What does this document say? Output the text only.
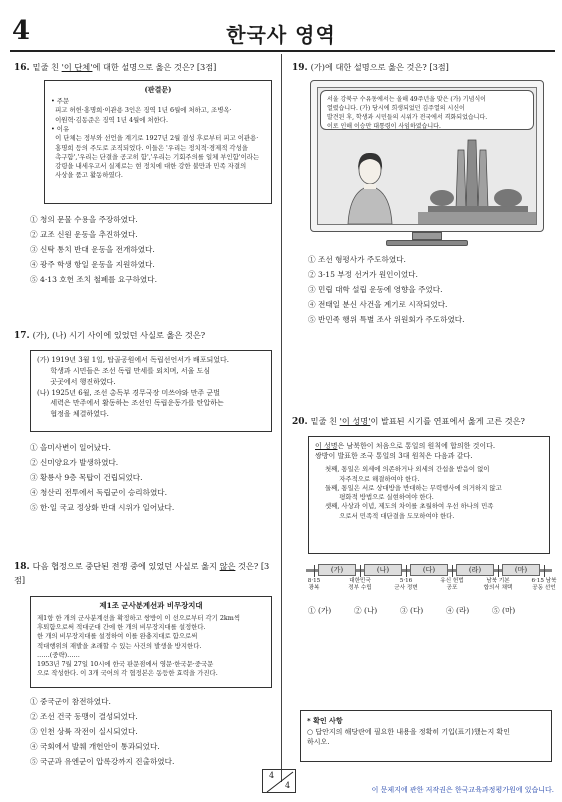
4	한국사 영역
16. 밑줄 친 '이 단체'에 대한 설명으로 옳은 것은? [3점]
(판결문)
• 주문
피고 허헌·홍명희·이관용 3인은 징역 1년 6월에 처하고, 조병옥·
이원혁·김동준은 징역 1년 4월에 처한다.
• 이유
이 단체는 정부와 선언을 계기로 1927년 2월 결성 후로부터 피고 이관용·
홍명희 등의 주도로 조직되었다. 이들은 '우리는 정치적·경제적 각성을
촉구함','우리는 단결을 공고히 함','우리는 기회주의를 일체 부인함'이라는
강령을 내세우고서 실제로는 현 정치에 대한 강한 불만과 민족 자결의
사상을 품고 활동하였다.
① 청의 문물 수용을 주장하였다.
② 교조 신원 운동을 추진하였다.
③ 신탁 통치 반대 운동을 전개하였다.
④ 광주 학생 항일 운동을 지원하였다.
⑤ 4·13 호헌 조치 철폐를 요구하였다.
17. (가), (나) 시기 사이에 있었던 사실로 옳은 것은?
(가) 1919년 3월 1일, 탑골공원에서 독립선언서가 배포되었다.
학생과 시민들은 조선 독립 만세를 외치며, 서울 도심
곳곳에서 행진하였다.
(나) 1925년 6월, 조선 총독부 경무국장 미쓰야와 만주 군벌
세력은 만주에서 활동하는 조선인 독립운동가를 탄압하는
협정을 체결하였다.
① 을미사변이 일어났다.
② 신미양요가 발생하였다.
③ 황룡사 9층 목탑이 건립되었다.
④ 청산리 전투에서 독립군이 승리하였다.
⑤ 한·일 국교 정상화 반대 시위가 일어났다.
18. 다음 협정으로 중단된 전쟁 중에 있었던 사실로 옳지 않은 것은? [3점]
제1조 군사분계선과 비무장지대
제1항 한 개의 군사분계선을 확정하고 쌍방이 이 선으로부터 각기 2km씩
후퇴함으로써 적대군대 간에 한 개의 비무장지대를 설정한다.
한 개의 비무장지대를 설정하여 이를 완충지대로 함으로써
적대행위의 재발을 초래할 수 있는 사건의 발생을 방지한다.
……(중략)……
1953년 7월 27일 10시에 한국 판문점에서 영문·한국문·중국문
으로 작성한다. 이 3개 국어의 각 협정본은 동등한 효력을 가진다.
① 중국군이 참전하였다.
② 조선 건국 동맹이 결성되었다.
③ 인천 상륙 작전이 실시되었다.
④ 국회에서 발췌 개헌안이 통과되었다.
⑤ 국군과 유엔군이 압록강까지 진출하였다.
19. (가)에 대한 설명으로 옳은 것은? [3점]
서울 강북구 수유동에서는 올해 49주년을 맞은 (가) 기념식이
열렸습니다. (가) 당시에 희생되었던 김주열의 시신이
발견된 후, 학생과 시민들의 시위가 전국에서 격화되었습니다.
이로 인해 이승만 대통령이 사임하였습니다.
① 조선 형평사가 주도하였다.
② 3·15 부정 선거가 원인이었다.
③ 민립 대학 설립 운동에 영향을 주었다.
④ 전태일 분신 사건을 계기로 시작되었다.
⑤ 반민족 행위 특별 조사 위원회가 주도하였다.
20. 밑줄 친 '이 성명'이 발표된 시기를 연표에서 옳게 고른 것은?
이 성명은 남북한이 처음으로 통일의 원칙에 합의한 것이다.
쌍방이 발표한 조국 통일의 3대 원칙은 다음과 같다.
첫째, 통일은 외세에 의존하거나 외세의 간섭을 받음이 없이
자주적으로 해결하여야 한다.
둘째, 통일은 서로 상대방을 반대하는 무력행사에 의거하지 않고
평화적 방법으로 실현하여야 한다.
셋째, 사상과 이념, 제도의 차이를 초월하여 우선 하나의 민족
으로서 민족적 대단결을 도모하여야 한다.
(가)	(나)	(다)	(라)	(마)
8·15
광복
대한민국
정부 수립
5·16
군사 정변
유신 헌법
공포
남북 기본
합의서 채택
6·15 남북
공동 선언
① (가)	② (나)	③ (다)	④ (라)	⑤ (마)
* 확인 사항
○ 답안지의 해당란에 필요한 내용을 정확히 기입(표기)했는지 확인
하시오.
4
4	이 문제지에 관한 저작권은 한국교육과정평가원에 있습니다.
